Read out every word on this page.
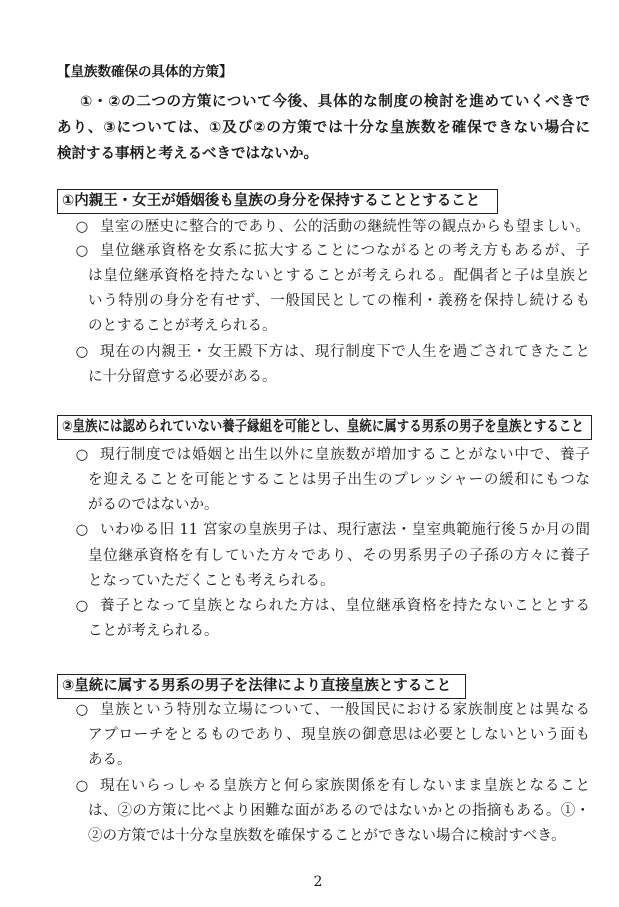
【皇族数確保の具体的方策】
①・②の二つの方策について今後、具体的な制度の検討を進めていくべきで
あり、③については、①及び②の方策では十分な皇族数を確保できない場合に
検討する事柄と考えるべきではないか。
①内親王・女王が婚姻後も皇族の身分を保持することとすること
○ 皇室の歴史に整合的であり、公的活動の継続性等の観点からも望ましい。
○ 皇位継承資格を女系に拡大することにつながるとの考え方もあるが、子
は皇位継承資格を持たないとすることが考えられる。配偶者と子は皇族と
いう特別の身分を有せず、一般国民としての権利・義務を保持し続けるも
のとすることが考えられる。
○ 現在の内親王・女王殿下方は、現行制度下で人生を過ごされてきたこと
に十分留意する必要がある。
②皇族には認められていない養子縁組を可能とし、皇統に属する男系の男子を皇族とすること
○ 現行制度では婚姻と出生以外に皇族数が増加することがない中で、養子
を迎えることを可能とすることは男子出生のプレッシャーの緩和にもつな
がるのではないか。
○ いわゆる旧 11 宮家の皇族男子は、現行憲法・皇室典範施行後５か月の間
皇位継承資格を有していた方々であり、その男系男子の子孫の方々に養子
となっていただくことも考えられる。
○ 養子となって皇族となられた方は、皇位継承資格を持たないこととする
ことが考えられる。
③皇統に属する男系の男子を法律により直接皇族とすること
○ 皇族という特別な立場について、一般国民における家族制度とは異なる
アプローチをとるものであり、現皇族の御意思は必要としないという面も
ある。
○ 現在いらっしゃる皇族方と何ら家族関係を有しないまま皇族となること
は、②の方策に比べより困難な面があるのではないかとの指摘もある。①・
②の方策では十分な皇族数を確保することができない場合に検討すべき。
2
